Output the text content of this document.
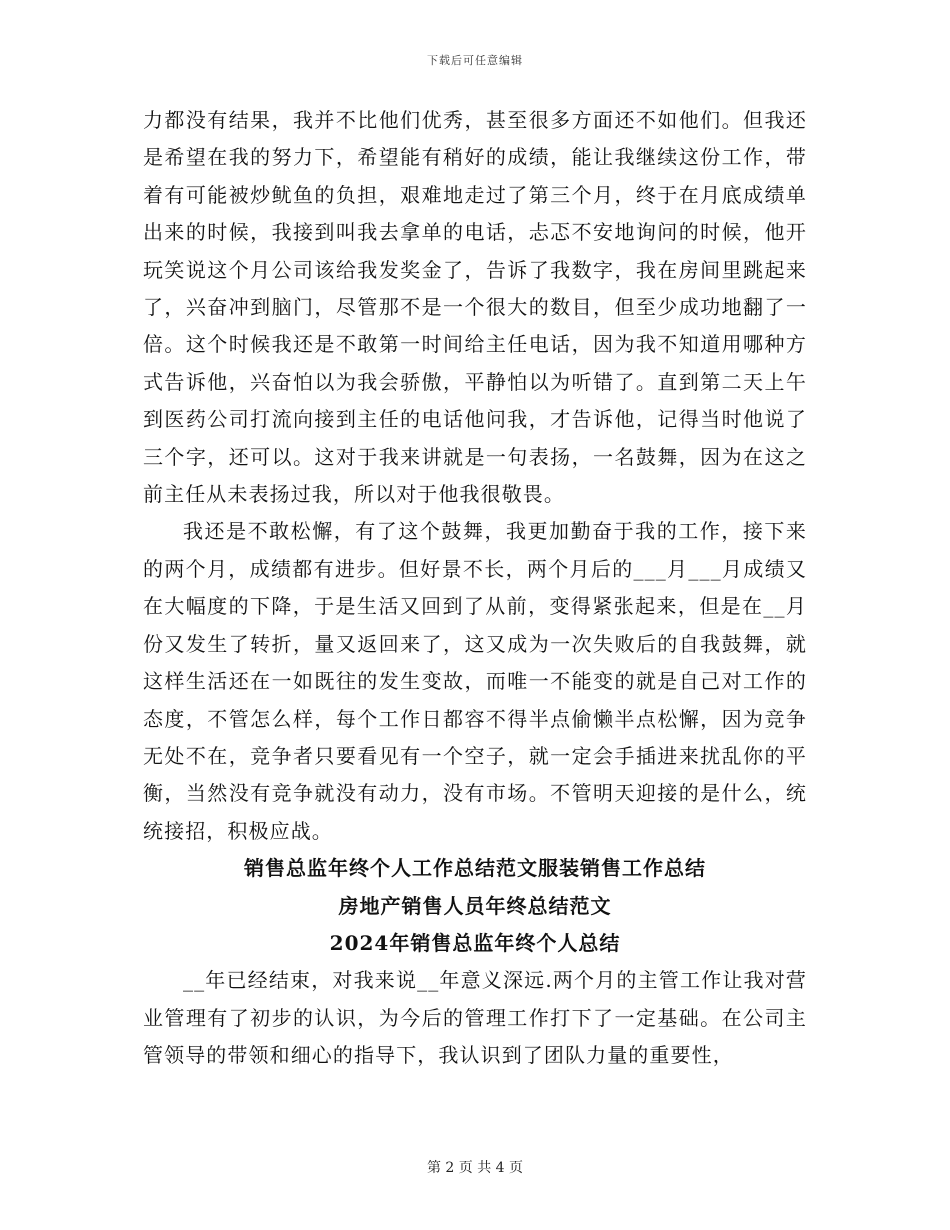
下载后可任意编辑

力都没有结果，我并不比他们优秀，甚至很多方面还不如他们。但我还是希望在我的努力下，希望能有稍好的成绩，能让我继续这份工作，带着有可能被炒鱿鱼的负担，艰难地走过了第三个月，终于在月底成绩单出来的时候，我接到叫我去拿单的电话，忐忑不安地询问的时候，他开玩笑说这个月公司该给我发奖金了，告诉了我数字，我在房间里跳起来了，兴奋冲到脑门，尽管那不是一个很大的数目，但至少成功地翻了一倍。这个时候我还是不敢第一时间给主任电话，因为我不知道用哪种方式告诉他，兴奋怕以为我会骄傲，平静怕以为听错了。直到第二天上午到医药公司打流向接到主任的电话他问我，才告诉他，记得当时他说了三个字，还可以。这对于我来讲就是一句表扬，一名鼓舞，因为在这之前主任从未表扬过我，所以对于他我很敬畏。

我还是不敢松懈，有了这个鼓舞，我更加勤奋于我的工作，接下来的两个月，成绩都有进步。但好景不长，两个月后的___月___月成绩又在大幅度的下降，于是生活又回到了从前，变得紧张起来，但是在__月份又发生了转折，量又返回来了，这又成为一次失败后的自我鼓舞，就这样生活还在一如既往的发生变故，而唯一不能变的就是自己对工作的态度，不管怎么样，每个工作日都容不得半点偷懒半点松懈，因为竞争无处不在，竞争者只要看见有一个空子，就一定会手插进来扰乱你的平衡，当然没有竞争就没有动力，没有市场。不管明天迎接的是什么，统统接招，积极应战。

销售总监年终个人工作总结范文服装销售工作总结

房地产销售人员年终总结范文

2024年销售总监年终个人总结

__年已经结束，对我来说__年意义深远.两个月的主管工作让我对营业管理有了初步的认识，为今后的管理工作打下了一定基础。在公司主管领导的带领和细心的指导下，我认识到了团队力量的重要性，

第 2 页 共 4 页
